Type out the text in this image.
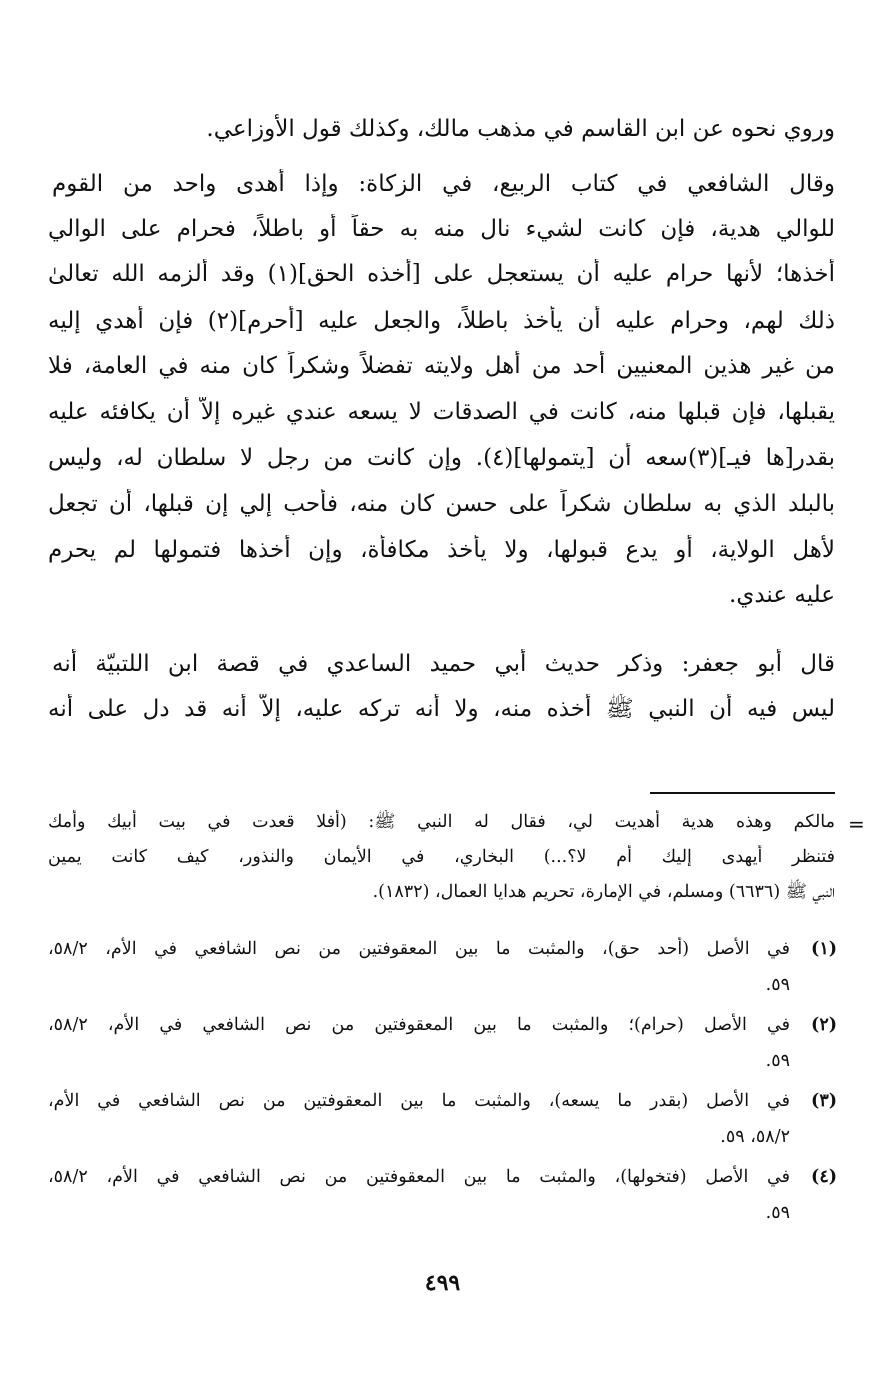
وروي نحوه عن ابن القاسم في مذهب مالك، وكذلك قول الأوزاعي.
وقال الشافعي في كتاب الربيع، في الزكاة: وإذا أهدى واحد من القوم
للوالي هدية، فإن كانت لشيء نال منه به حقاً أو باطلاً، فحرام على الوالي
أخذها؛ لأنها حرام عليه أن يستعجل على [أخذه الحق](١) وقد ألزمه الله تعالىٰ
ذلك لهم، وحرام عليه أن يأخذ باطلاً، والجعل عليه [أحرم](٢) فإن أهدي إليه
من غير هذين المعنيين أحد من أهل ولايته تفضلاً وشكراً كان منه في العامة، فلا
يقبلها، فإن قبلها منه، كانت في الصدقات لا يسعه عندي غيره إلاَّ أن يكافئه عليه
بقدر[ها فيـ](٣)سعه أن [يتمولها](٤). وإن كانت من رجل لا سلطان له، وليس
بالبلد الذي به سلطان شكراً على حسن كان منه، فأحب إلي إن قبلها، أن تجعل
لأهل الولاية، أو يدع قبولها، ولا يأخذ مكافأة، وإن أخذها فتمولها لم يحرم
عليه عندي.
قال أبو جعفر: وذكر حديث أبي حميد الساعدي في قصة ابن اللتبيّة أنه
ليس فيه أن النبي ﷺ أخذه منه، ولا أنه تركه عليه، إلاَّ أنه قد دل على أنه
=
مالكم وهذه هدية أهديت لي، فقال له النبي ﷺ: (أفلا قعدت في بيت أبيك وأمك
فتنظر أيهدى إليك أم لا؟...) البخاري، في الأيمان والنذور، كيف كانت يمين
النبي ﷺ (٦٦٣٦) ومسلم، في الإمارة، تحريم هدايا العمال، (١٨٣٢).
(١)
في الأصل (أحد حق)، والمثبت ما بين المعقوفتين من نص الشافعي في الأم، ٥٨/٢،
٥٩.
(٢)
في الأصل (حرام)؛ والمثبت ما بين المعقوفتين من نص الشافعي في الأم، ٥٨/٢،
٥٩.
(٣)
في الأصل (بقدر ما يسعه)، والمثبت ما بين المعقوفتين من نص الشافعي في الأم،
٥٨/٢، ٥٩.
(٤)
في الأصل (فتخولها)، والمثبت ما بين المعقوفتين من نص الشافعي في الأم، ٥٨/٢،
٥٩.
٤٩٩
